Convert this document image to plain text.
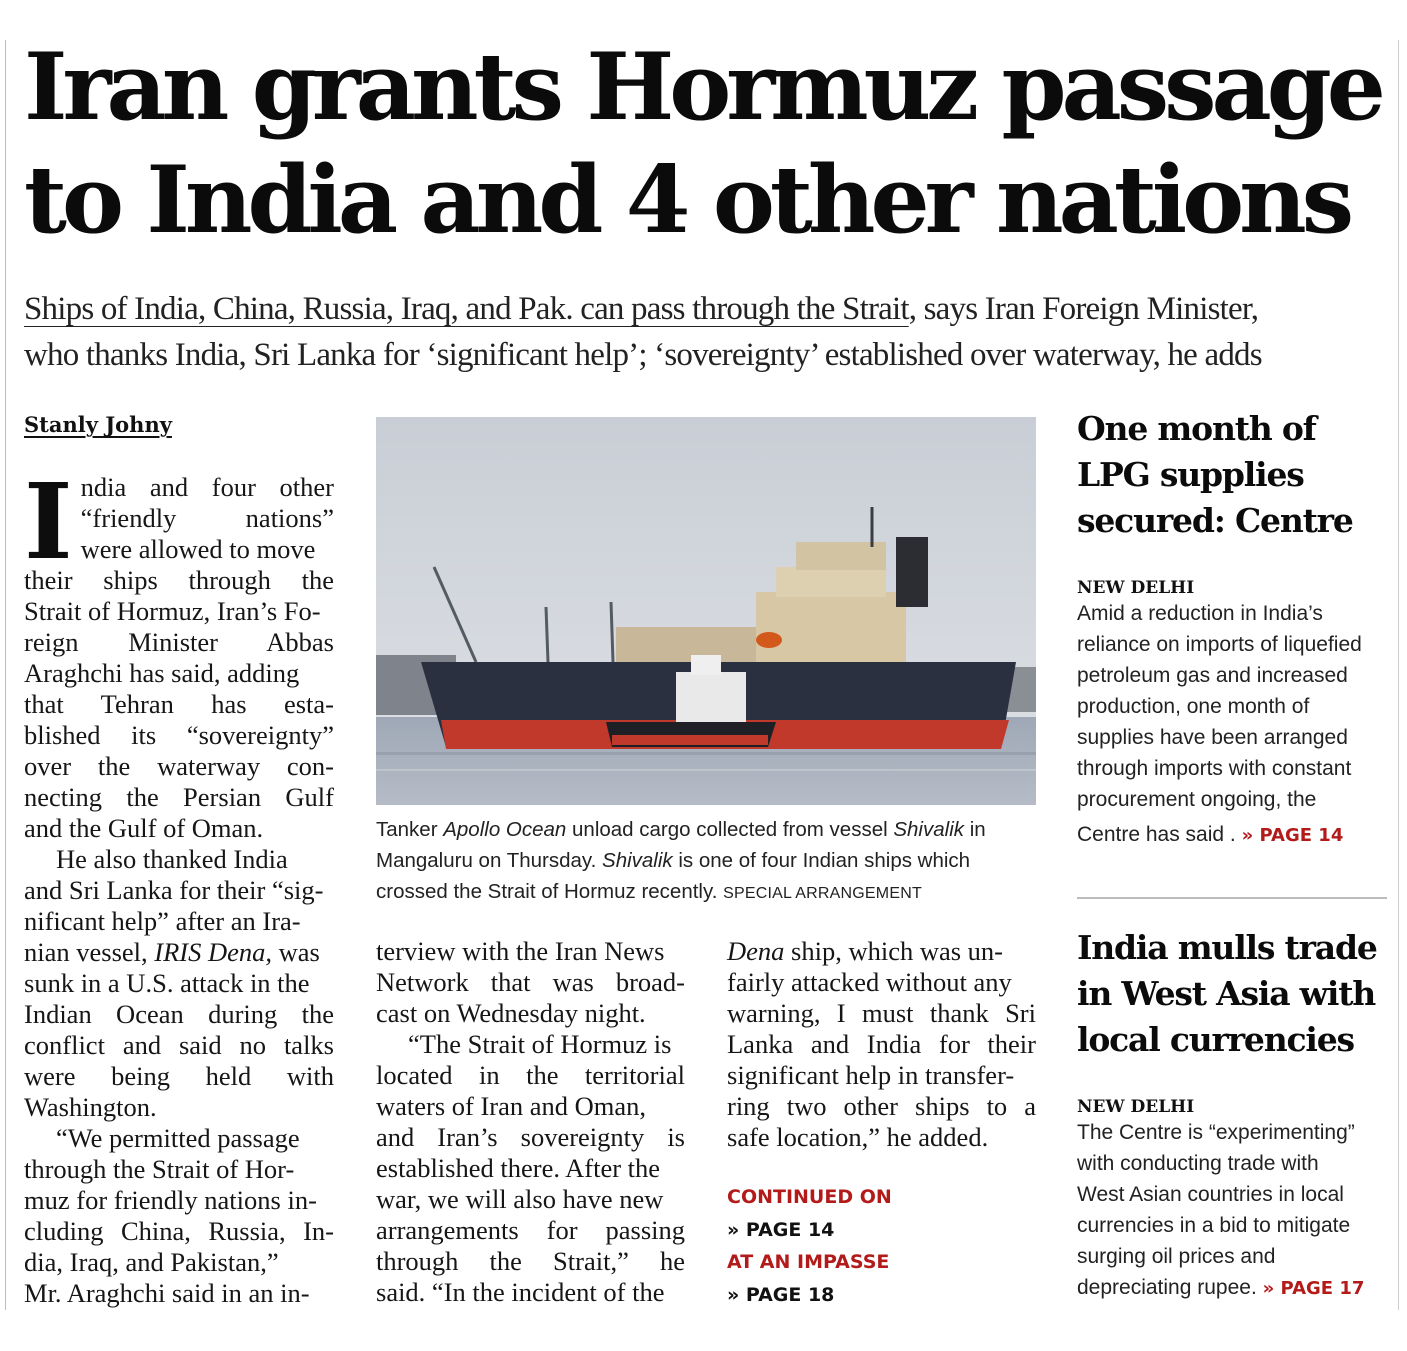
Iran grants Hormuz passage
to India and 4 other nations
Ships of India, China, Russia, Iraq, and Pak. can pass through the Strait, says Iran Foreign Minister,
who thanks India, Sri Lanka for ‘significant help’; ‘sovereignty’ established over waterway, he adds
Stanly Johny
I ndia and four other
“friendly nations”
were allowed to move
their ships through the
Strait of Hormuz, Iran’s Fo-
reign Minister Abbas
Araghchi has said, adding
that Tehran has esta-
blished its “sovereignty”
over the waterway con-
necting the Persian Gulf
and the Gulf of Oman.
He also thanked India
and Sri Lanka for their “sig-
nificant help” after an Ira-
nian vessel, IRIS Dena, was
sunk in a U.S. attack in the
Indian Ocean during the
conflict and said no talks
were being held with
Washington.
“We permitted passage
through the Strait of Hor-
muz for friendly nations in-
cluding China, Russia, In-
dia, Iraq, and Pakistan,”
Mr. Araghchi said in an in-
Tanker Apollo Ocean unload cargo collected from vessel Shivalik in
Mangaluru on Thursday. Shivalik is one of four Indian ships which
crossed the Strait of Hormuz recently. SPECIAL ARRANGEMENT
terview with the Iran News
Network that was broad-
cast on Wednesday night.
“The Strait of Hormuz is
located in the territorial
waters of Iran and Oman,
and Iran’s sovereignty is
established there. After the
war, we will also have new
arrangements for passing
through the Strait,” he
said. “In the incident of the
Dena ship, which was un-
fairly attacked without any
warning, I must thank Sri
Lanka and India for their
significant help in transfer-
ring two other ships to a
safe location,” he added.
CONTINUED ON
» PAGE 14
AT AN IMPASSE
» PAGE 18
One month of
LPG supplies
secured: Centre
NEW DELHI
Amid a reduction in India’s
reliance on imports of liquefied
petroleum gas and increased
production, one month of
supplies have been arranged
through imports with constant
procurement ongoing, the
Centre has said . » PAGE 14
India mulls trade
in West Asia with
local currencies
NEW DELHI
The Centre is “experimenting”
with conducting trade with
West Asian countries in local
currencies in a bid to mitigate
surging oil prices and
depreciating rupee. » PAGE 17
